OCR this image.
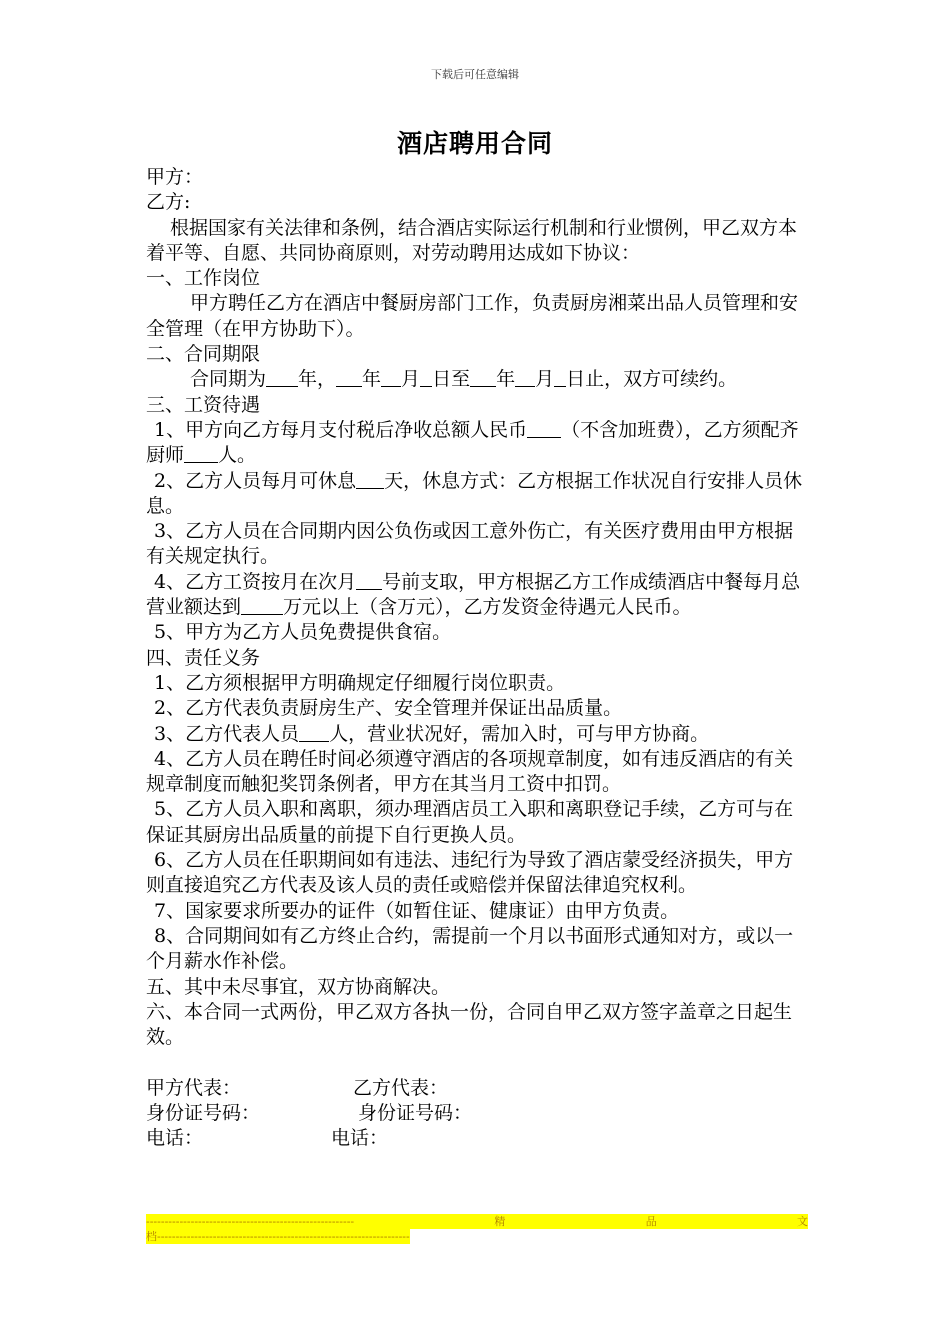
下载后可任意编辑
酒店聘用合同

甲方：

乙方:

根据国家有关法律和条例，结合酒店实际运行机制和行业惯例，甲乙双方本着平等、自愿、共同协商原则，对劳动聘用达成如下协议：

一、工作岗位

甲方聘任乙方在酒店中餐厨房部门工作，负责厨房湘菜出品人员管理和安全管理（在甲方协助下）。

二、合同期限

合同期为 年， 年 月 日至 年 月 日止，双方可续约。

三、工资待遇

1、甲方向乙方每月支付税后净收总额人民币 （不含加班费），乙方须配齐厨师 人。

2、乙方人员每月可休息 天，休息方式：乙方根据工作状况自行安排人员休息。

3、乙方人员在合同期内因公负伤或因工意外伤亡，有关医疗费用由甲方根据有关规定执行。

4、乙方工资按月在次月 号前支取，甲方根据乙方工作成绩酒店中餐每月总营业额达到 万元以上（含万元），乙方发资金待遇元人民币。

5、甲方为乙方人员免费提供食宿。

四、责任义务

1、乙方须根据甲方明确规定仔细履行岗位职责。

2、乙方代表负责厨房生产、安全管理并保证出品质量。

3、乙方代表人员 人，营业状况好，需加入时，可与甲方协商。

4、乙方人员在聘任时间必须遵守酒店的各项规章制度，如有违反酒店的有关规章制度而触犯奖罚条例者，甲方在其当月工资中扣罚。

5、乙方人员入职和离职，须办理酒店员工入职和离职登记手续，乙方可与在保证其厨房出品质量的前提下自行更换人员。

6、乙方人员在任职期间如有违法、违纪行为导致了酒店蒙受经济损失，甲方则直接追究乙方代表及该人员的责任或赔偿并保留法律追究权利。

7、国家要求所要办的证件（如暂住证、健康证）由甲方负责。

8、合同期间如有乙方终止合约，需提前一个月以书面形式通知对方，或以一个月薪水作补偿。

五、其中未尽事宜，双方协商解决。

六、本合同一式两份，甲乙双方各执一份，合同自甲乙双方签字盖章之日起生效。

甲方代表：	乙方代表：

身份证号码：	身份证号码：

电话：	电话：

--------------------------------------------------------	精	品	文
档--------------------------------------------------------------------
